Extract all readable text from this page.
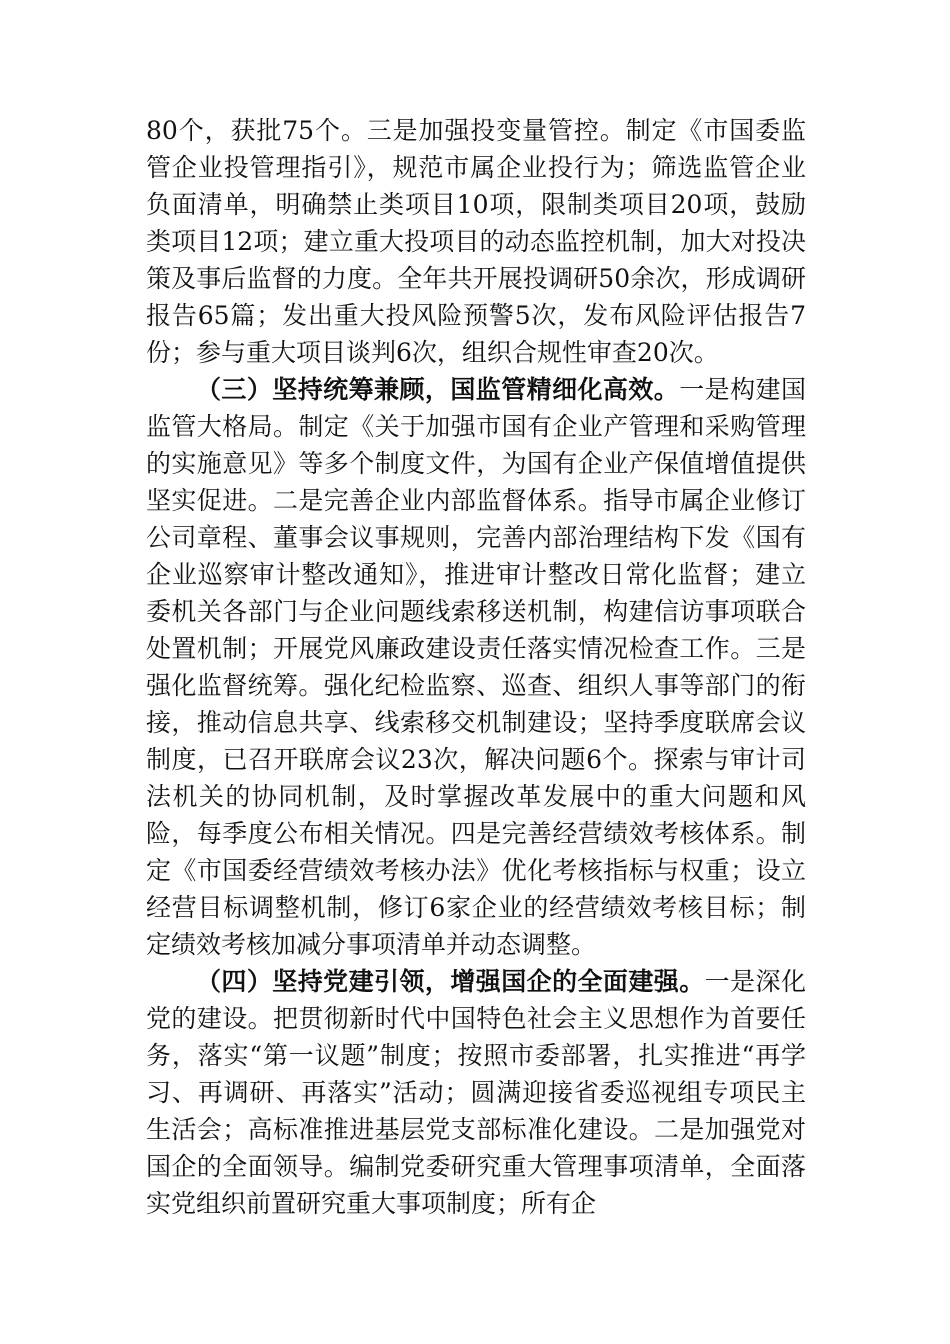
80个，获批75个。三是加强投变量管控。制定《市国委监管企业投管理指引》，规范市属企业投行为；筛选监管企业负面清单，明确禁止类项目10项，限制类项目20项，鼓励类项目12项；建立重大投项目的动态监控机制，加大对投决策及事后监督的力度。全年共开展投调研50余次，形成调研报告65篇；发出重大投风险预警5次，发布风险评估报告7份；参与重大项目谈判6次，组织合规性审查20次。

（三）坚持统筹兼顾，国监管精细化高效。一是构建国监管大格局。制定《关于加强市国有企业产管理和采购管理的实施意见》等多个制度文件，为国有企业产保值增值提供坚实促进。二是完善企业内部监督体系。指导市属企业修订公司章程、董事会议事规则，完善内部治理结构下发《国有企业巡察审计整改通知》，推进审计整改日常化监督；建立委机关各部门与企业问题线索移送机制，构建信访事项联合处置机制；开展党风廉政建设责任落实情况检查工作。三是强化监督统筹。强化纪检监察、巡查、组织人事等部门的衔接，推动信息共享、线索移交机制建设；坚持季度联席会议制度，已召开联席会议23次，解决问题6个。探索与审计司法机关的协同机制，及时掌握改革发展中的重大问题和风险，每季度公布相关情况。四是完善经营绩效考核体系。制定《市国委经营绩效考核办法》优化考核指标与权重；设立经营目标调整机制，修订6家企业的经营绩效考核目标；制定绩效考核加减分事项清单并动态调整。

（四）坚持党建引领，增强国企的全面建强。一是深化党的建设。把贯彻新时代中国特色社会主义思想作为首要任务，落实“第一议题”制度；按照市委部署，扎实推进“再学习、再调研、再落实”活动；圆满迎接省委巡视组专项民主生活会；高标准推进基层党支部标准化建设。二是加强党对国企的全面领导。编制党委研究重大管理事项清单，全面落实党组织前置研究重大事项制度；所有企
